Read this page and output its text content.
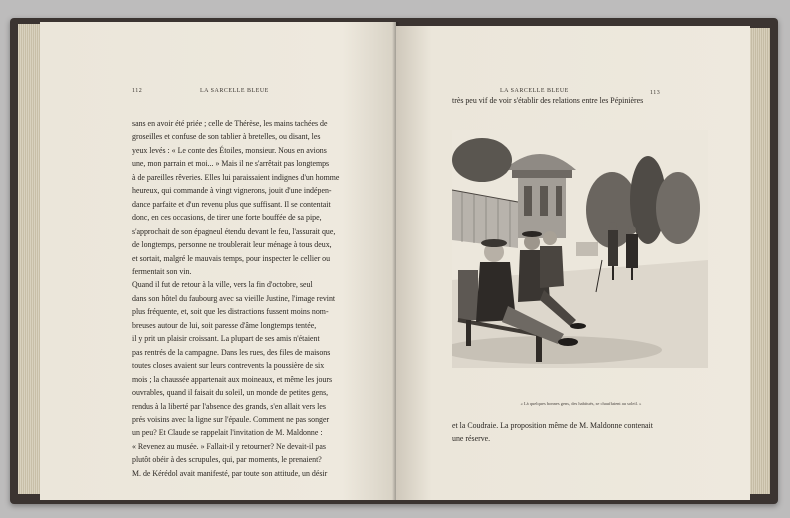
112	LA SARCELLE BLEUE
sans en avoir été priée ; celle de Thérèse, les mains tachées de
groseilles et confuse de son tablier à bretelles, ou disant, les
yeux levés : « Le conte des Étoiles, monsieur. Nous en avions
une, mon parrain et moi... » Mais il ne s'arrêtait pas longtemps
à de pareilles rêveries. Elles lui paraissaient indignes d'un homme
heureux, qui commande à vingt vignerons, jouit d'une indépen-
dance parfaite et d'un revenu plus que suffisant. Il se contentait
donc, en ces occasions, de tirer une forte bouffée de sa pipe,
s'approchait de son épagneul étendu devant le feu, l'assurait que,
de longtemps, personne ne troublerait leur ménage à tous deux,
et sortait, malgré le mauvais temps, pour inspecter le cellier ou
fermentait son vin.
Quand il fut de retour à la ville, vers la fin d'octobre, seul
dans son hôtel du faubourg avec sa vieille Justine, l'image revint
plus fréquente, et, soit que les distractions fussent moins nom-
breuses autour de lui, soit paresse d'âme longtemps tentée,
il y prit un plaisir croissant. La plupart de ses amis n'étaient
pas rentrés de la campagne. Dans les rues, des files de maisons
toutes closes avaient sur leurs contrevents la poussière de six
mois ; la chaussée appartenait aux moineaux, et même les jours
ouvrables, quand il faisait du soleil, un monde de petites gens,
rendus à la liberté par l'absence des grands, s'en allait vers les
prés voisins avec la ligne sur l'épaule. Comment ne pas songer
un peu? Et Claude se rappelait l'invitation de M. Maldonne :
« Revenez au musée. » Fallait-il y retourner? Ne devait-il pas
plutôt obéir à des scrupules, qui, par moments, le prenaient?
M. de Kérédol avait manifesté, par toute son attitude, un désir
LA SARCELLE BLEUE	113
très peu vif de voir s'établir des relations entre les Pépinières
« Là quelques bonnes gens, des habitués, se chauffaient au soleil. »
et la Coudraie. La proposition même de M. Maldonne contenait
une réserve.
